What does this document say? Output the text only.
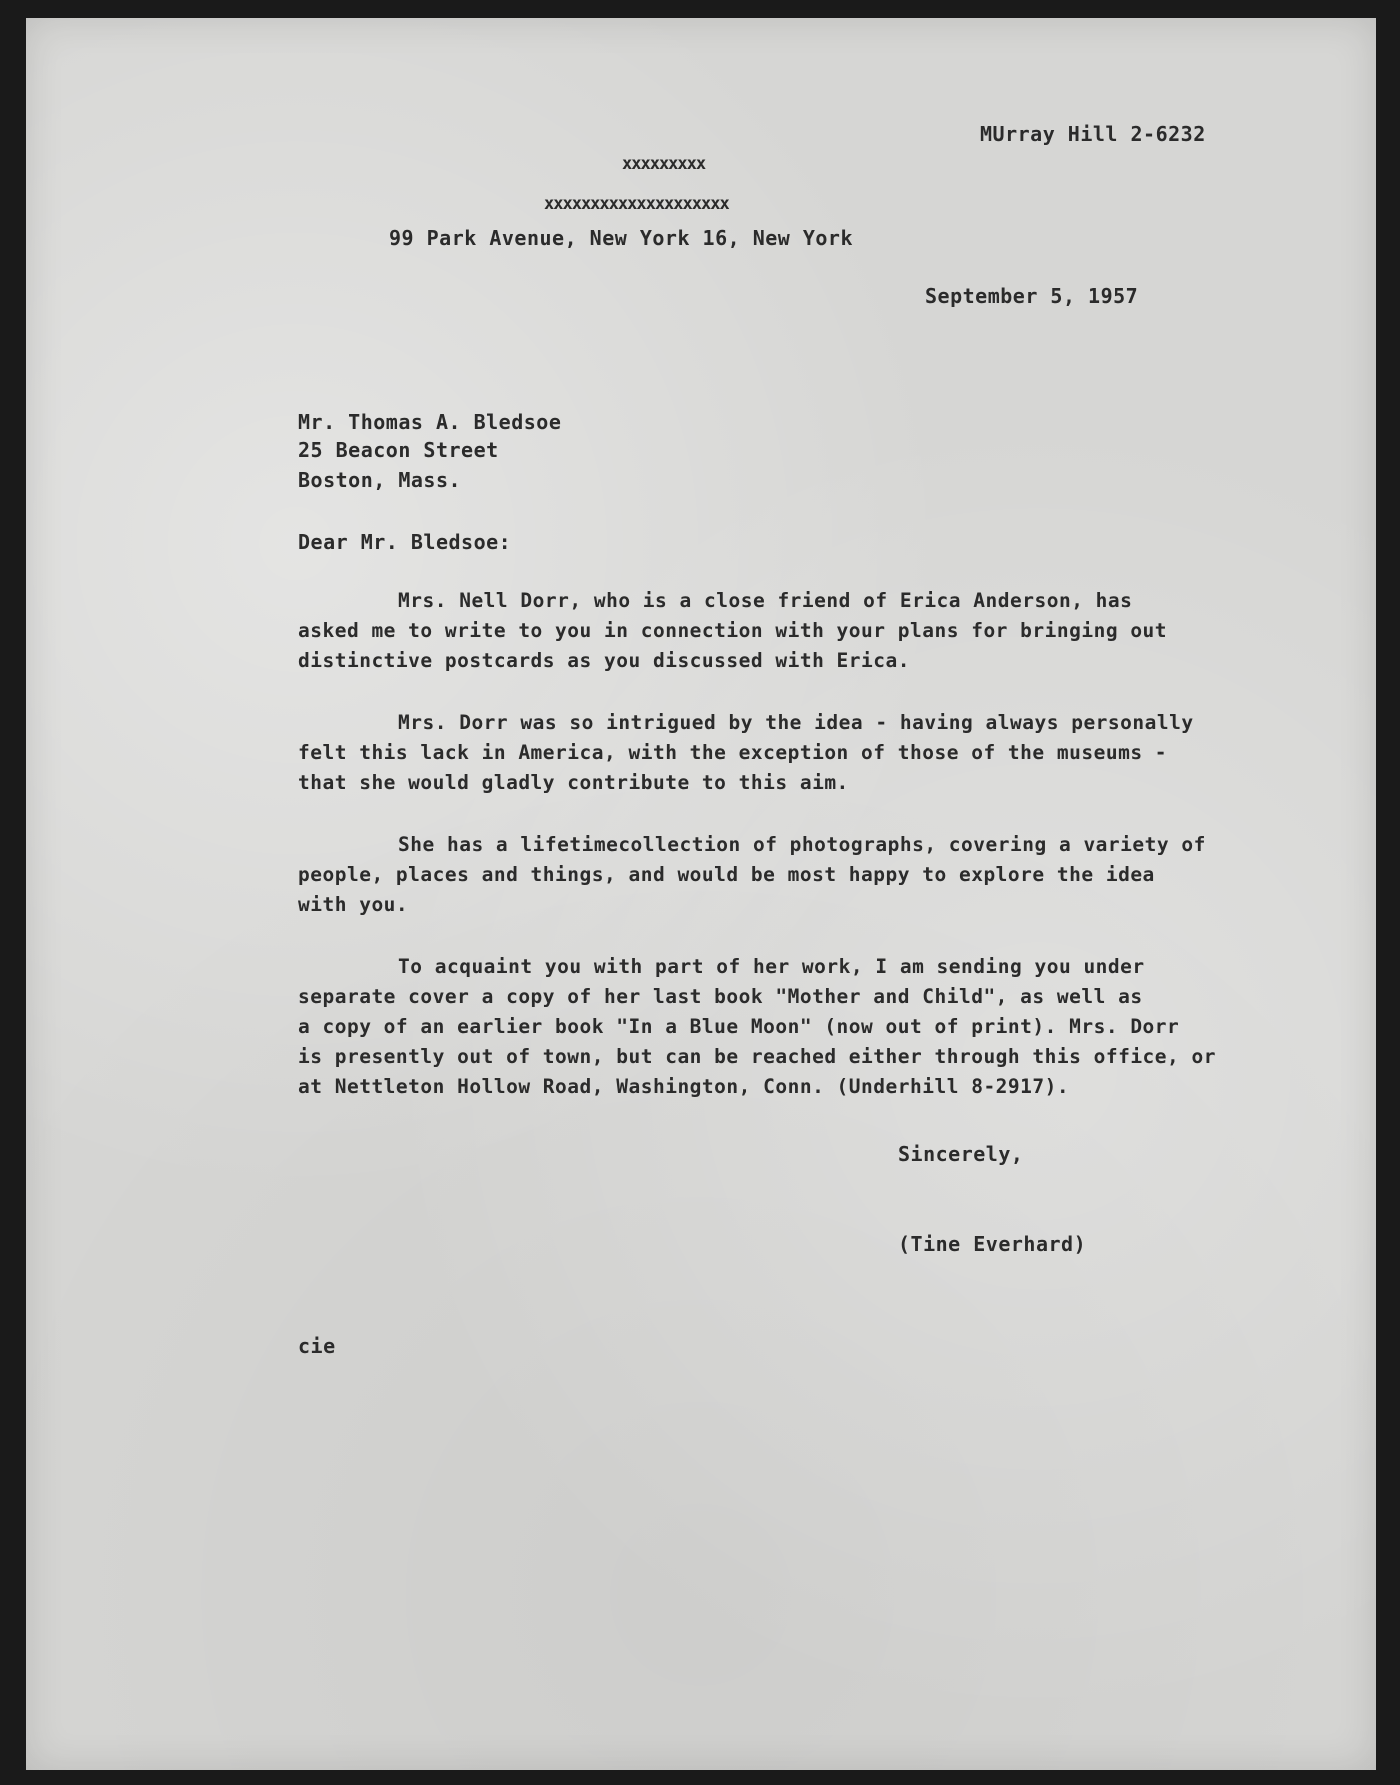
MUrray Hill 2-6232
xxxxxxxxx
xxxxxxxxxxxxxxxxxxxx
99 Park Avenue, New York 16, New York
September 5, 1957
Mr. Thomas A. Bledsoe
25 Beacon Street
Boston, Mass.
Dear Mr. Bledsoe:
Mrs. Nell Dorr, who is a close friend of Erica Anderson, has
asked me to write to you in connection with your plans for bringing out
distinctive postcards as you discussed with Erica.
Mrs. Dorr was so intrigued by the idea - having always personally
felt this lack in America, with the exception of those of the museums -
that she would gladly contribute to this aim.
She has a lifetimecollection of photographs, covering a variety of
people, places and things, and would be most happy to explore the idea
with you.
To acquaint you with part of her work, I am sending you under
separate cover a copy of her last book "Mother and Child", as well as
a copy of an earlier book "In a Blue Moon" (now out of print). Mrs. Dorr
is presently out of town, but can be reached either through this office, or
at Nettleton Hollow Road, Washington, Conn. (Underhill 8-2917).
Sincerely,
(Tine Everhard)
cie
